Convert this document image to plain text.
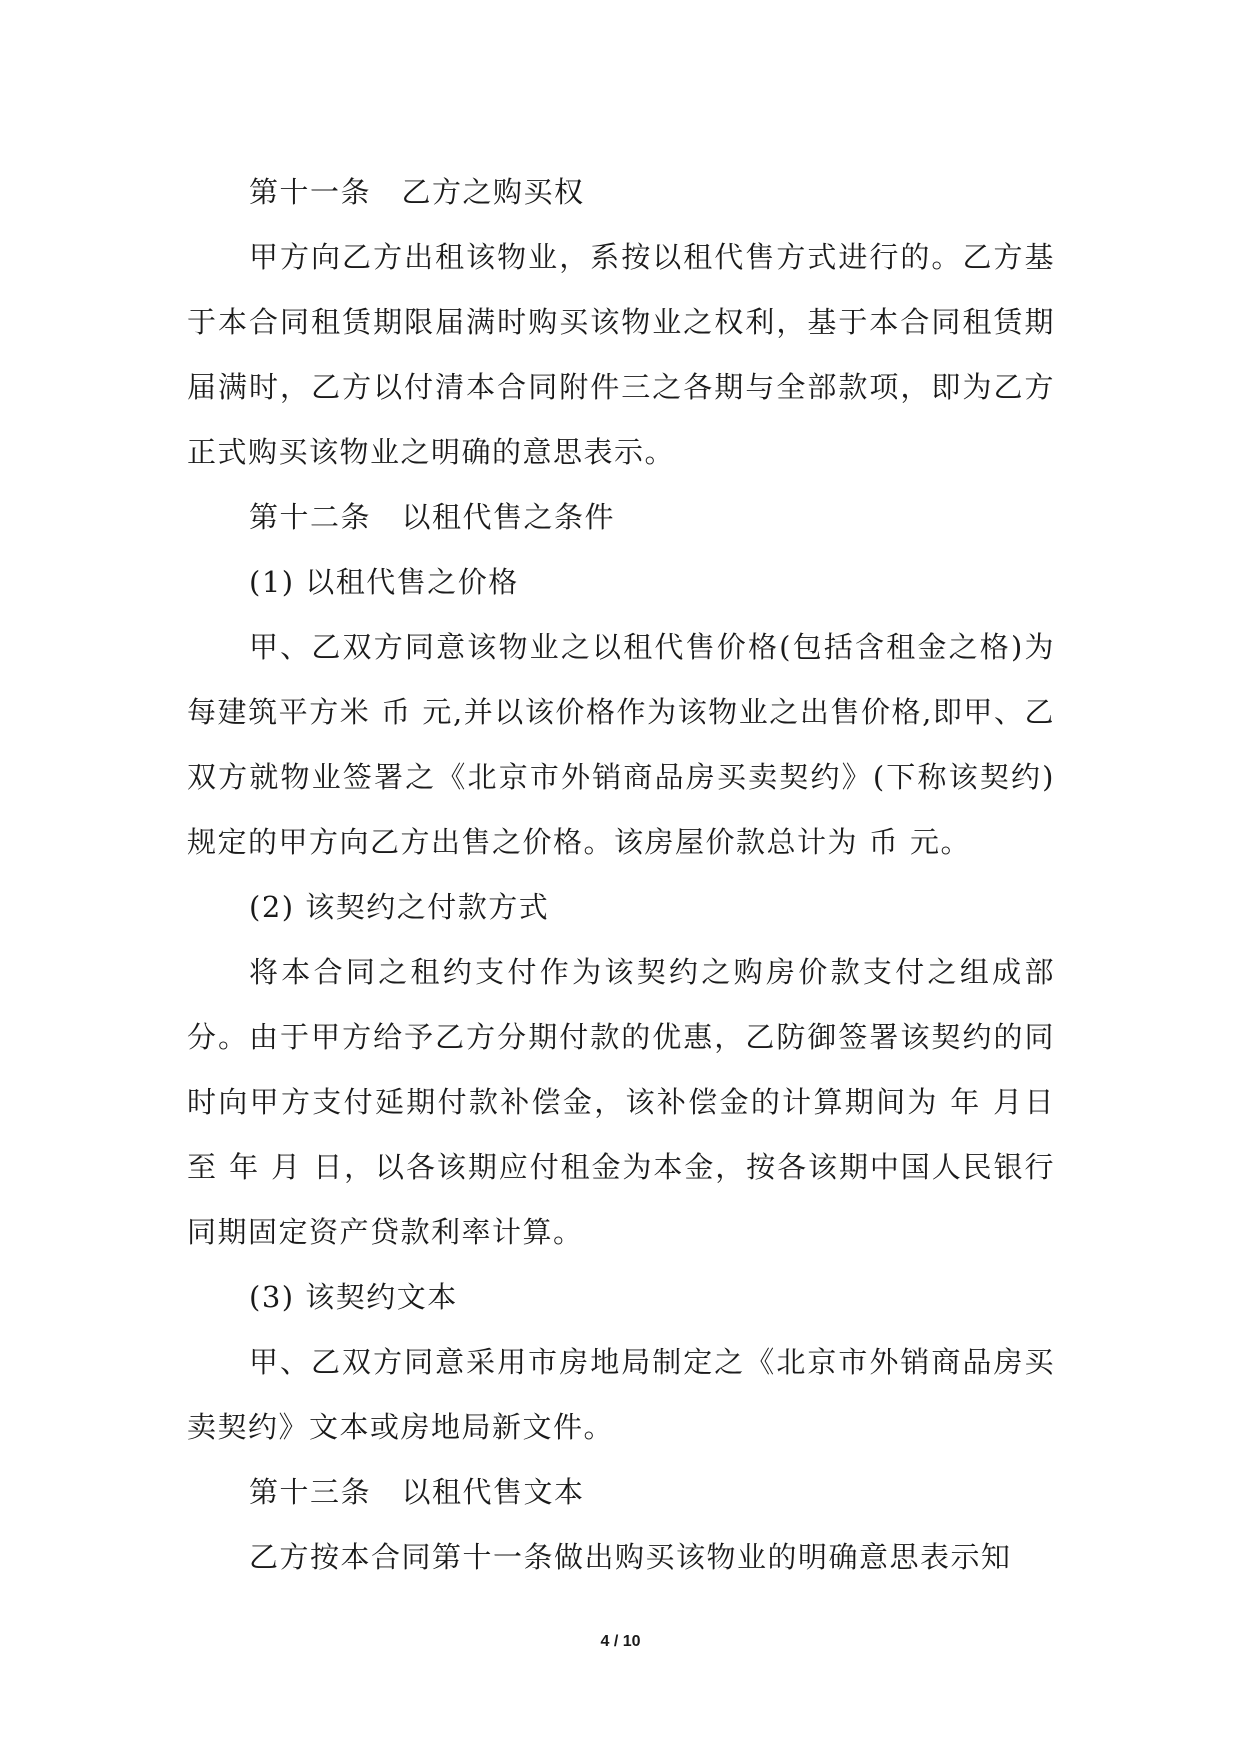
第十一条　乙方之购买权

甲方向乙方出租该物业，系按以租代售方式进行的。乙方基于本合同租赁期限届满时购买该物业之权利，基于本合同租赁期届满时，乙方以付清本合同附件三之各期与全部款项，即为乙方正式购买该物业之明确的意思表示。

第十二条　以租代售之条件

(1) 以租代售之价格

甲、乙双方同意该物业之以租代售价格(包括含租金之格)为每建筑平方米 币 元,并以该价格作为该物业之出售价格,即甲、乙双方就物业签署之《北京市外销商品房买卖契约》(下称该契约)规定的甲方向乙方出售之价格。该房屋价款总计为 币 元。

(2) 该契约之付款方式

将本合同之租约支付作为该契约之购房价款支付之组成部分。由于甲方给予乙方分期付款的优惠，乙防御签署该契约的同时向甲方支付延期付款补偿金，该补偿金的计算期间为 年 月日至 年 月 日，以各该期应付租金为本金，按各该期中国人民银行同期固定资产贷款利率计算。

(3) 该契约文本

甲、乙双方同意采用市房地局制定之《北京市外销商品房买卖契约》文本或房地局新文件。

第十三条　以租代售文本

乙方按本合同第十一条做出购买该物业的明确意思表示知

4 / 10
